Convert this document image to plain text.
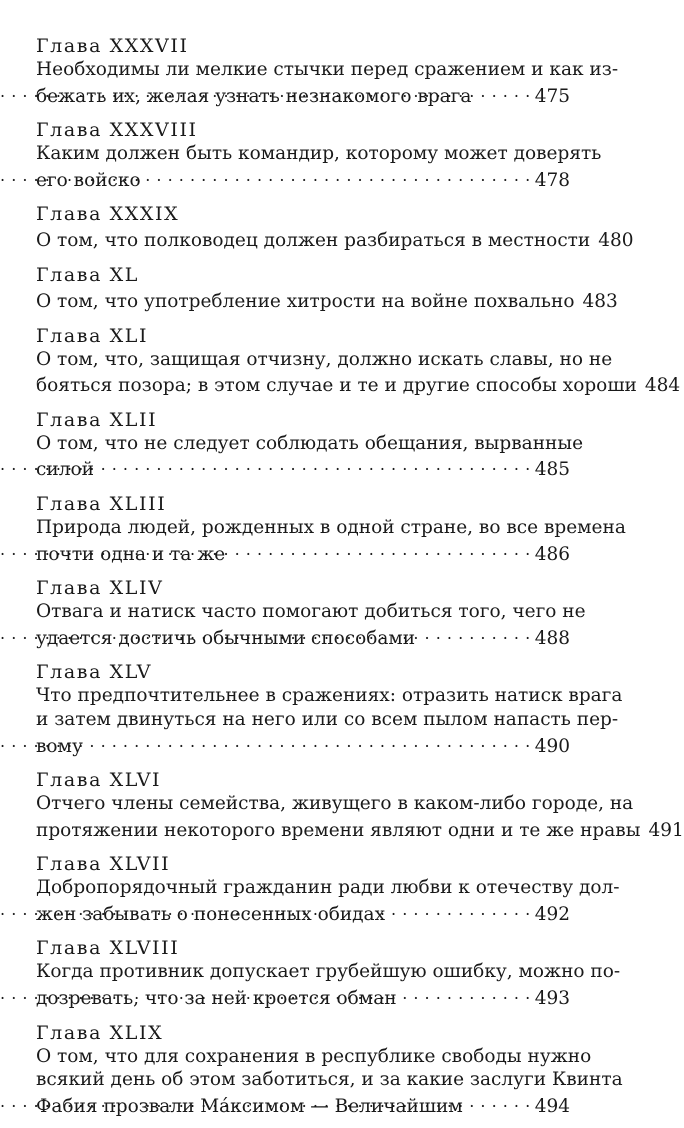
Глава XXXVII
Необходимы ли мелкие стычки перед сражением и как из-
бежать их, желая узнать незнакомого врага . . .	475
Глава XXXVIII
Каким должен быть командир, которому может доверять
его войско . . .	478
Глава XXXIX
О том, что полководец должен разбираться в местности 480
Глава XL
О том, что употребление хитрости на войне похвально 483
Глава XLI
О том, что, защищая отчизну, должно искать славы, но не
бояться позора; в этом случае и те и другие способы хороши 484
Глава XLII
О том, что не следует соблюдать обещания, вырванные
силой . . .	485
Глава XLIII
Природа людей, рожденных в одной стране, во все времена
почти одна и та же . . .	486
Глава XLIV
Отвага и натиск часто помогают добиться того, чего не
удается достичь обычными способами . . .	488
Глава XLV
Что предпочтительнее в сражениях: отразить натиск врага
и затем двинуться на него или со всем пылом напасть пер-
вому . . .	490
Глава XLVI
Отчего члены семейства, живущего в каком-либо городе, на
протяжении некоторого времени являют одни и те же нравы 491
Глава XLVII
Добропорядочный гражданин ради любви к отечеству дол-
жен забывать о понесенных обидах . . .	492
Глава XLVIII
Когда противник допускает грубейшую ошибку, можно по-
дозревать, что за ней кроется обман . . .	493
Глава XLIX
О том, что для сохранения в республике свободы нужно
всякий день об этом заботиться, и за какие заслуги Квинта
Фабия прозвали Мáксимом — Величайшим . . .	494
